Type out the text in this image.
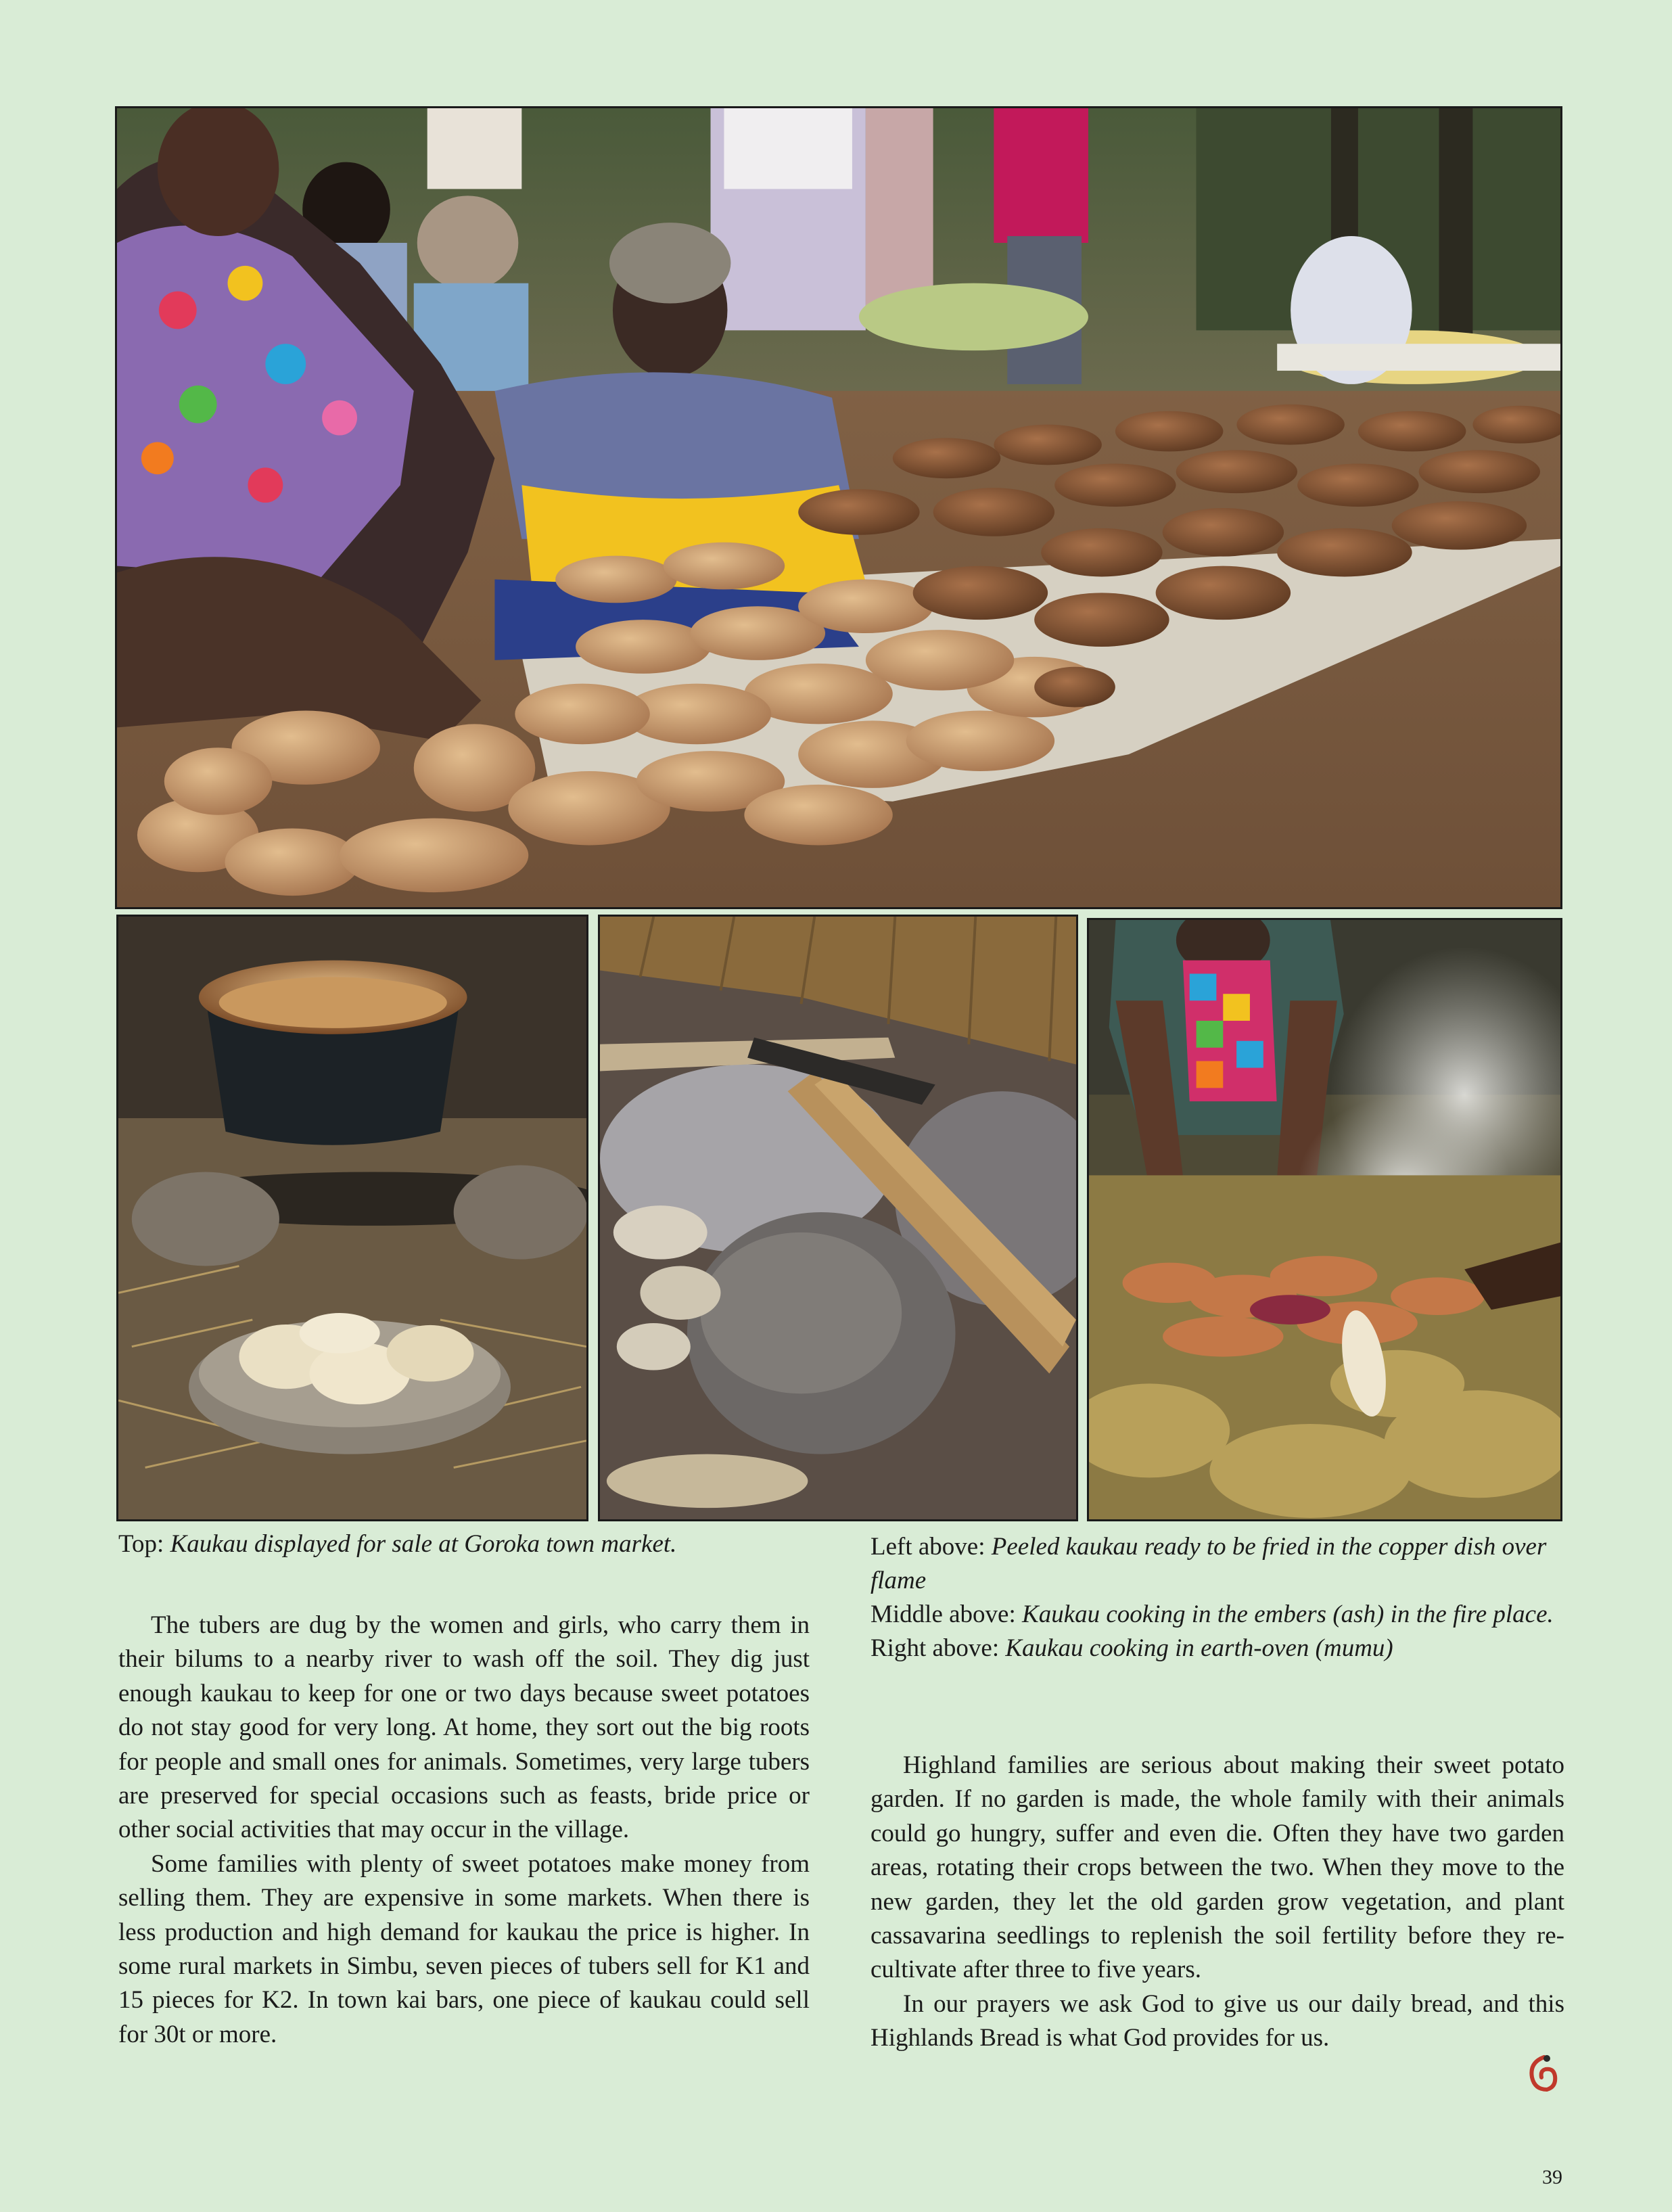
Top: Kaukau displayed for sale at Goroka town market.	Left above: Peeled kaukau ready to be fried in the copper dish over flame
Middle above: Kaukau cooking in the embers (ash) in the fire place.
Right above: Kaukau cooking in earth-oven (mumu)

The tubers are dug by the women and girls, who carry them in their bilums to a nearby river to wash off the soil. They dig just enough kaukau to keep for one or two days because sweet potatoes do not stay good for very long. At home, they sort out the big roots for people and small ones for animals. Sometimes, very large tubers are preserved for special occasions such as feasts, bride price or other social activities that may occur in the village.

Some families with plenty of sweet potatoes make money from selling them. They are expensive in some markets. When there is less production and high demand for kaukau the price is higher. In some rural markets in Simbu, seven pieces of tubers sell for K1 and 15 pieces for K2. In town kai bars, one piece of kaukau could sell for 30t or more.

Highland families are serious about making their sweet potato garden. If no garden is made, the whole family with their animals could go hungry, suffer and even die. Often they have two garden areas, rotating their crops between the two. When they move to the new garden, they let the old garden grow vegetation, and plant cassavarina seedlings to replenish the soil fertility before they re-cultivate after three to five years.

In our prayers we ask God to give us our daily bread, and this Highlands Bread is what God provides for us.

39
